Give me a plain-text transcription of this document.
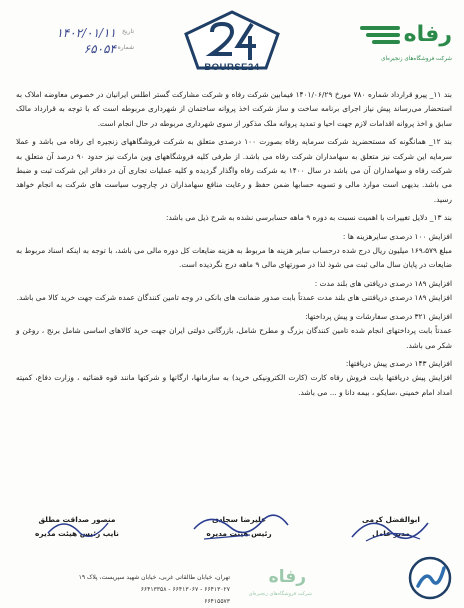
رفاه
شرکت فروشگاه‌های زنجیره‌ای
BOURSE24
تاریخ
۱۴۰۲/۰۱/۱۱
شماره
۶۵۰۵۴

بند ۱۱_ پیرو قرارداد شماره ۷۸۰ مورخ ۱۴۰۱/۰۶/۲۹ فیمابین شرکت رفاه و شرکت مشارکت گستر اطلس ایرانیان در خصوص معاوضه املاک به استحضار می‌رساند پیش نیاز اجرای برنامه ساخت و ساز شرکت اخذ پروانه ساختمان از شهرداری مربوطه است که با توجه به قرارداد مالک سابق و اخذ پروانه اقدامات لازم جهت احیا و تمدید پروانه ملک مذکور از سوی شهرداری مربوطه در حال انجام است.

بند ۱۲_ همانگونه که مستحضرید شرکت سرمایه رفاه بصورت ۱۰۰ درصدی متعلق به شرکت فروشگاههای زنجیره ای رفاه می باشد و عملا سرمایه این شرکت نیز متعلق به سهامداران شرکت رفاه می باشد. از طرفی کلیه فروشگاههای وین مارکت نیز حدود ۹۰ درصد آن متعلق به شرکت رفاه و سهامداران آن می باشد در سال ۱۴۰۰ به شرکت رفاه واگذار گردیده و کلیه عملیات تجاری آن در دفاتر این شرکت ثبت و ضبط می باشد. بدیهی است موارد مالی و تسویه حسابها ضمن حفظ و رعایت منافع سهامداران در چارچوب سیاست های شرکت به انجام خواهد رسید.

بند ۱۳_ دلایل تغییرات با اهمیت نسبت به دوره ۹ ماهه حسابرسی نشده به شرح ذیل می باشد:

افزایش ۱۰۰ درصدی سایرهزینه ها :

مبلغ ۱۶۹،۵۷۹ میلیون ریال درج شده درحساب سایر هزینه ها مربوط به هزینه ضایعات کل دوره مالی می باشد، با توجه به اینکه اسناد مربوط به ضایعات در پایان سال مالی ثبت می شود لذا در صورتهای مالی ۹ ماهه درج نگردیده است.

افزایش ۱۸۹ درصدی دریافتی های بلند مدت :

افزایش ۱۸۹ درصدی دریافتنی های بلند مدت عمدتاً بابت صدور ضمانت های بانکی در وجه تامین کنندگان عمده شرکت جهت خرید کالا می باشد.

افزایش ۳۲۱ درصدی سفارشات و پیش پرداختها:

عمدتاً بابت پرداختهای انجام شده تامین کنندگان بزرگ و مطرح شامل، بازرگانی دولتی ایران جهت خرید کالاهای اساسی شامل برنج ، روغن و شکر می باشد.

افزایش ۱۴۳ درصدی پیش دریافتها:

افزایش پیش دریافتها بابت فروش رفاه کارت (کارت الکترونیکی خرید) به سازمانها، ارگانها و شرکتها مانند قوه قضائیه ، وزارت دفاع، کمیته امداد امام خمینی ،سایکو ، بیمه دانا و ... می باشد.

ابوالفضل کرمی
مدیر عامل
علیرضا سجادی
رئیس هیئت مدیره
منصور صداقت مطلق
نایب رئیس هیئت مدیره
تهران، خیابان طالقانی غربی، خیابان شهید سپریست، پلاک ۱۹
۶۶۴۱۳۰۲۷ - ۶۶۴۱۳۰۶۷ - ۶۶۴۱۳۳۵۸
۶۶۴۱۵۵۷۳
رفاه
شرکت فروشگاه‌های زنجیره‌ای
